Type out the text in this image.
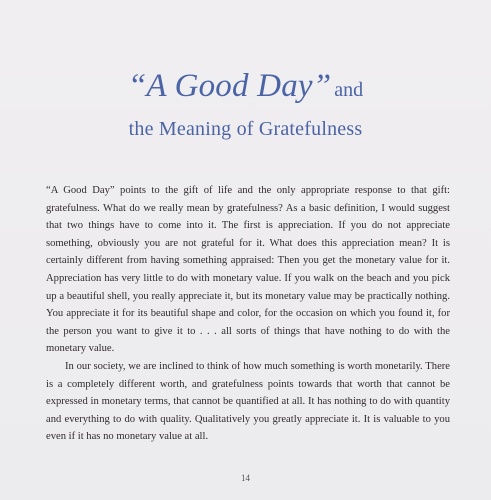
“A Good Day” and
the Meaning of Gratefulness

“A Good Day” points to the gift of life and the only appropriate response to that gift: gratefulness. What do we really mean by gratefulness? As a basic definition, I would suggest that two things have to come into it. The first is appreciation. If you do not appreciate something, obviously you are not grateful for it. What does this appreciation mean? It is certainly different from having something appraised: Then you get the monetary value for it. Appreciation has very little to do with monetary value. If you walk on the beach and you pick up a beautiful shell, you really appreciate it, but its monetary value may be practically nothing. You appreciate it for its beautiful shape and color, for the occasion on which you found it, for the person you want to give it to . . . all sorts of things that have nothing to do with the monetary value.

In our society, we are inclined to think of how much something is worth monetarily. There is a completely different worth, and gratefulness points towards that worth that cannot be expressed in monetary terms, that cannot be quantified at all. It has nothing to do with quantity and everything to do with quality. Qualitatively you greatly appreciate it. It is valuable to you even if it has no monetary value at all.

14
